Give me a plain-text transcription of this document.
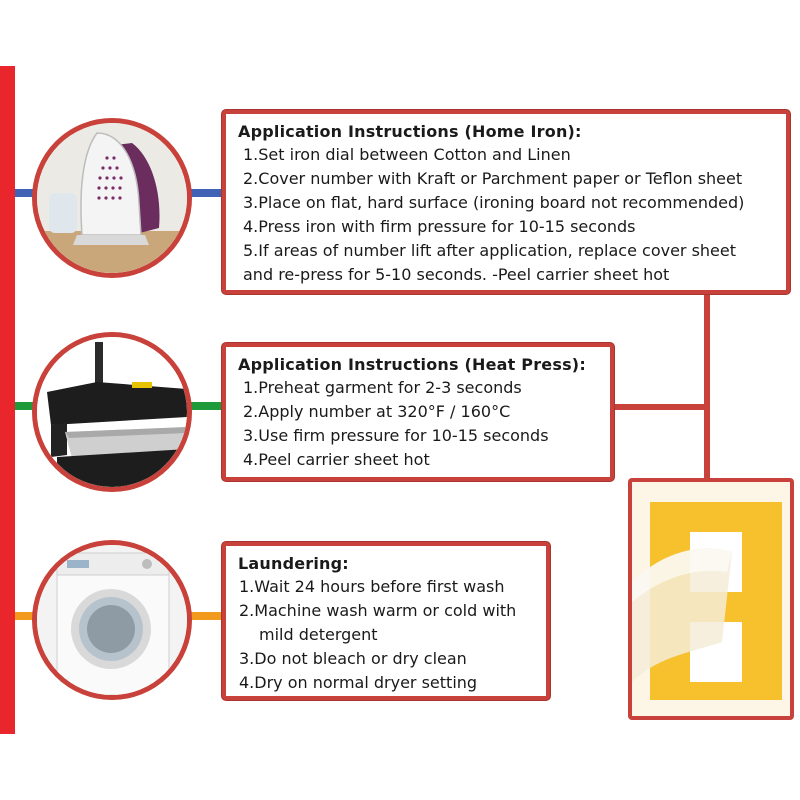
Application Instructions (Home Iron):
1.Set iron dial between Cotton and Linen
2.Cover number with Kraft or Parchment paper or Teflon sheet
3.Place on flat, hard surface (ironing board not recommended)
4.Press iron with firm pressure for 10-15 seconds
5.If areas of number lift after application, replace cover sheet
and re-press for 5-10 seconds. -Peel carrier sheet hot
Application Instructions (Heat Press):
1.Preheat garment for 2-3 seconds
2.Apply number at 320°F / 160°C
3.Use firm pressure for 10-15 seconds
4.Peel carrier sheet hot
Laundering:
1.Wait 24 hours before first wash
2.Machine wash warm or cold with
mild detergent
3.Do not bleach or dry clean
4.Dry on normal dryer setting
